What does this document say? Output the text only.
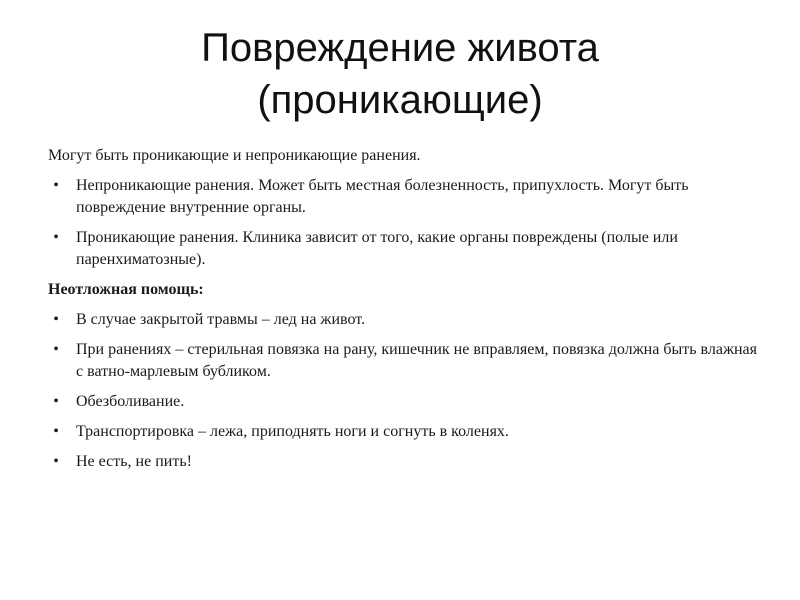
Повреждение живота
(проникающие)

Могут быть проникающие и непроникающие ранения.

•	Непроникающие ранения. Может быть местная болезненность, припухлость. Могут быть повреждение внутренние органы.
•	Проникающие ранения. Клиника зависит от того, какие органы повреждены (полые или паренхиматозные).

Неотложная помощь:

•	В случае закрытой травмы – лед на живот.
•	При ранениях – стерильная повязка на рану, кишечник не вправляем, повязка должна быть влажная с ватно-марлевым бубликом.
•	Обезболивание.
•	Транспортировка – лежа, приподнять ноги и согнуть в коленях.
•	Не есть, не пить!
